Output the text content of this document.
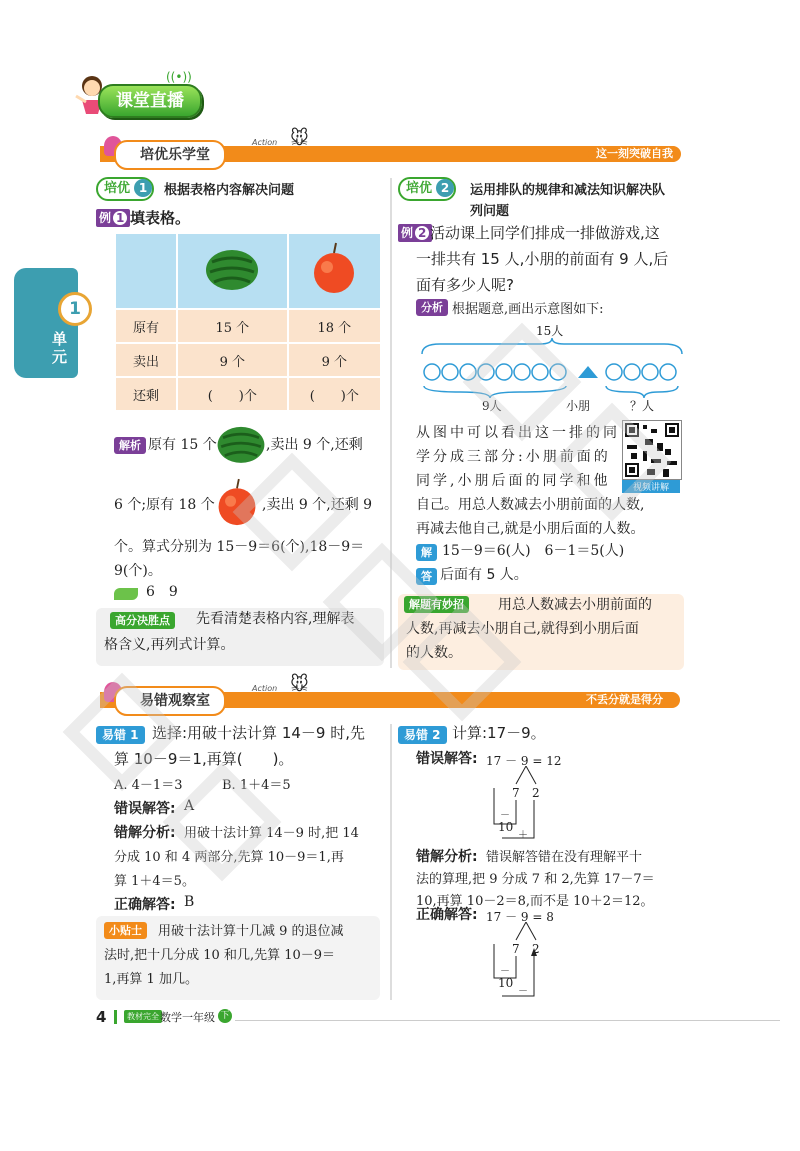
((•))
课堂直播
1
单元
培优乐学堂
Action 🐭
这一刻突破自我
培优 1	根据表格内容解决问题
例 1 填表格。

原有	15 个	18 个
卖出	9 个	9 个
还剩	(　　)个	(　　)个
解析 原有 15 个	,卖出 9 个,还剩
6 个;原有 18 个	,卖出 9 个,还剩 9
个。算式分别为 15－9＝6(个),18－9＝
9(个)。
6　9
高分决胜点	先看清楚表格内容,理解表
格含义,再列式计算。
培优 2	运用排队的规律和减法知识解决队
列问题
例 2 活动课上同学们排成一排做游戏,这
一排共有 15 人,小朋的前面有 9 人,后
面有多少人呢?
分析 根据题意,画出示意图如下:
15人
9人	小朋	？人
从图中可以看出这一排的同
学分成三部分:小朋前面的
同学,小朋后面的同学和他
自己。用总人数减去小朋前面的人数,
再减去他自己,就是小朋后面的人数。
视频讲解
解 15－9＝6(人)　6－1＝5(人)
答 后面有 5 人。
解题有妙招	用总人数减去小朋前面的
人数,再减去小朋自己,就得到小朋后面
的人数。
易错观察室
Action 🐭
不丢分就是得分
易错 1 选择:用破十法计算 14－9 时,先
算 10－9＝1,再算(　　)。
A. 4－1＝3	B. 1＋4＝5
错误解答: A
错解分析: 用破十法计算 14－9 时,把 14
分成 10 和 4 两部分,先算 10－9＝1,再
算 1＋4＝5。
正确解答: B
小贴士	用破十法计算十几减 9 的退位减
法时,把十几分成 10 和几,先算 10－9＝
1,再算 1 加几。
易错 2 计算:17－9。
错误解答: 17 － 9 = 12
7 2
10
－
＋
错解分析: 错误解答错在没有理解平十
法的算理,把 9 分成 7 和 2,先算 17－7＝
10,再算 10－2＝8,而不是 10＋2＝12。
正确解答: 17 － 9 = 8
7 2
10
－
－
4	教材完全 数学一年级 下
